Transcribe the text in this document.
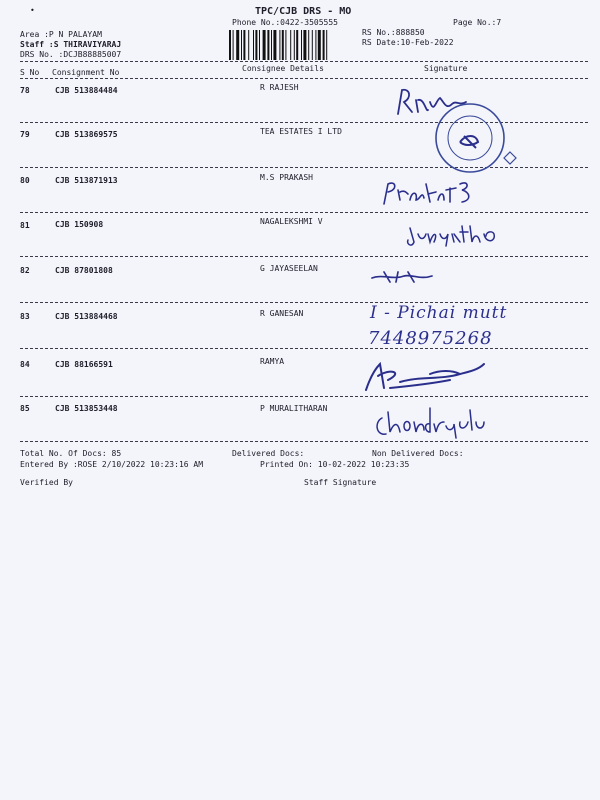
•	TPC/CJB DRS - MO
Phone No.:0422-3505555	Page No.:7
Area :P N PALAYAM
Staff :S THIRAVIYARAJ
DRS No. :DCJB88885007
RS No.:888850
RS Date:10-Feb-2022
S No Consignment No	Consignee Details	Signature
78	CJB 513884484	R RAJESH
79	CJB 513869575	TEA ESTATES I LTD
80	CJB 513871913	M.S PRAKASH
81	CJB 150908	NAGALEKSHMI V
82	CJB 87801808	G JAYASEELAN
83	CJB 513884468	R GANESAN
84	CJB 88166591	RAMYA
85	CJB 513853448	P MURALITHARAN
I - Pichai mutt
7448975268
Total No. Of Docs: 85	Delivered Docs:	Non Delivered Docs:
Entered By :ROSE 2/10/2022 10:23:16 AM	Printed On: 10-02-2022 10:23:35
Verified By	Staff Signature
